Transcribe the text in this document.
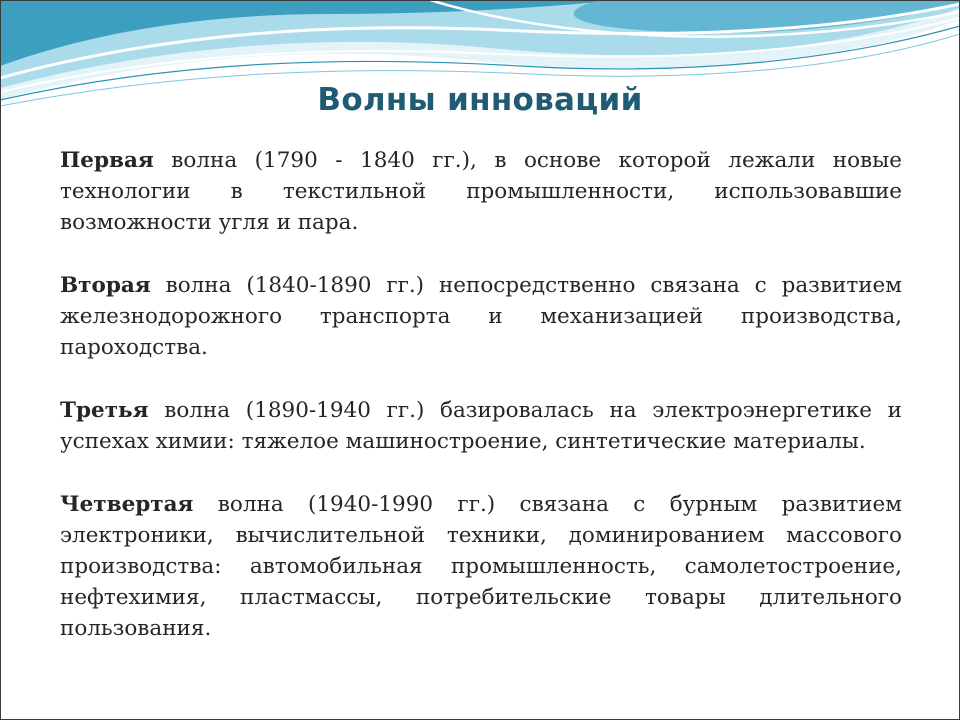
Волны инноваций

Первая волна (1790 - 1840 гг.), в основе которой лежали новые технологии в текстильной промышленности, использовавшие возможности угля и пара.

Вторая волна (1840-1890 гг.) непосредственно связана с развитием железнодорожного транспорта и механизацией производства, пароходства.

Третья волна (1890-1940 гг.) базировалась на электроэнергетике и успехах химии: тяжелое машиностроение, синтетические материалы.

Четвертая волна (1940-1990 гг.) связана с бурным развитием электроники, вычислительной техники, доминированием массового производства: автомобильная промышленность, самолетостроение, нефтехимия, пластмассы, потребительские товары длительного пользования.
